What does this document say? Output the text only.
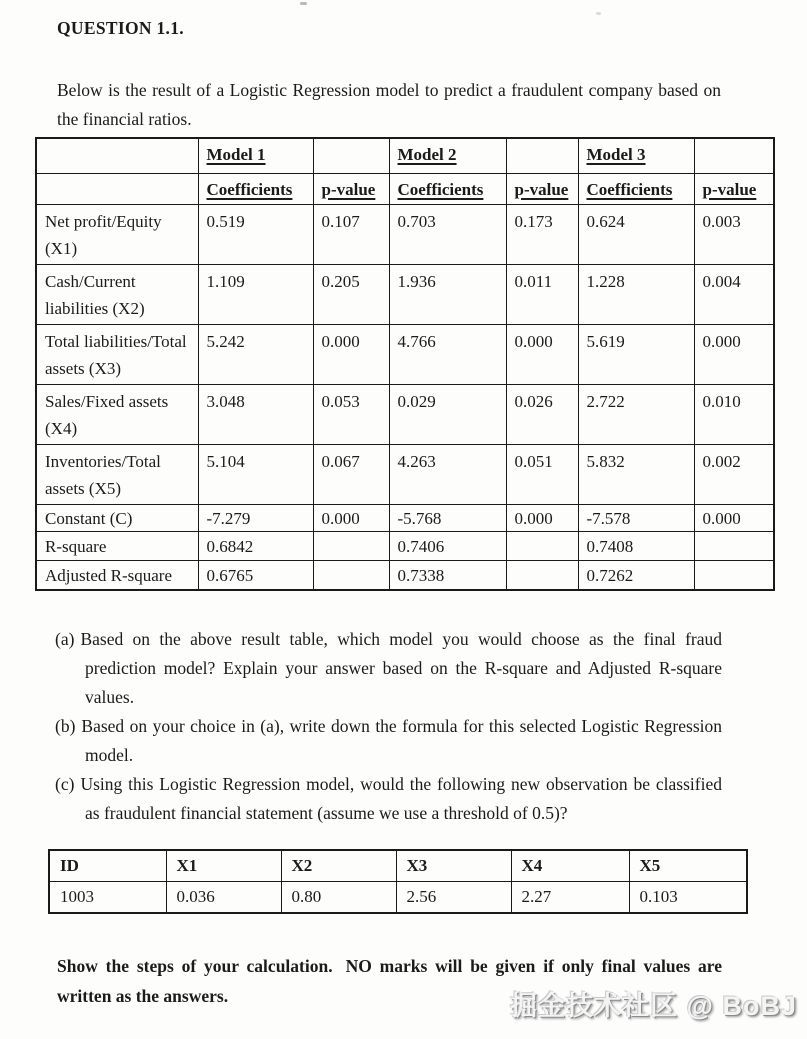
QUESTION 1.1.

Below is the result of a Logistic Regression model to predict a fraudulent company based on the financial ratios.

	Model 1		Model 2		Model 3	
	Coefficients	p-value	Coefficients	p-value	Coefficients	p-value
Net profit/Equity (X1)	0.519	0.107	0.703	0.173	0.624	0.003
Cash/Current liabilities (X2)	1.109	0.205	1.936	0.011	1.228	0.004
Total liabilities/Total assets (X3)	5.242	0.000	4.766	0.000	5.619	0.000
Sales/Fixed assets (X4)	3.048	0.053	0.029	0.026	2.722	0.010
Inventories/Total assets (X5)	5.104	0.067	4.263	0.051	5.832	0.002
Constant (C)	-7.279	0.000	-5.768	0.000	-7.578	0.000
R-square	0.6842		0.7406		0.7408	
Adjusted R-square	0.6765		0.7338		0.7262	

(a) Based on the above result table, which model you would choose as the final fraud prediction model? Explain your answer based on the R-square and Adjusted R-square values.

(b) Based on your choice in (a), write down the formula for this selected Logistic Regression model.

(c) Using this Logistic Regression model, would the following new observation be classified as fraudulent financial statement (assume we use a threshold of 0.5)?

ID	X1	X2	X3	X4	X5
1003	0.036	0.80	2.56	2.27	0.103

Show the steps of your calculation. NO marks will be given if only final values are written as the answers.	掘金技术社区 @ BoBJ
